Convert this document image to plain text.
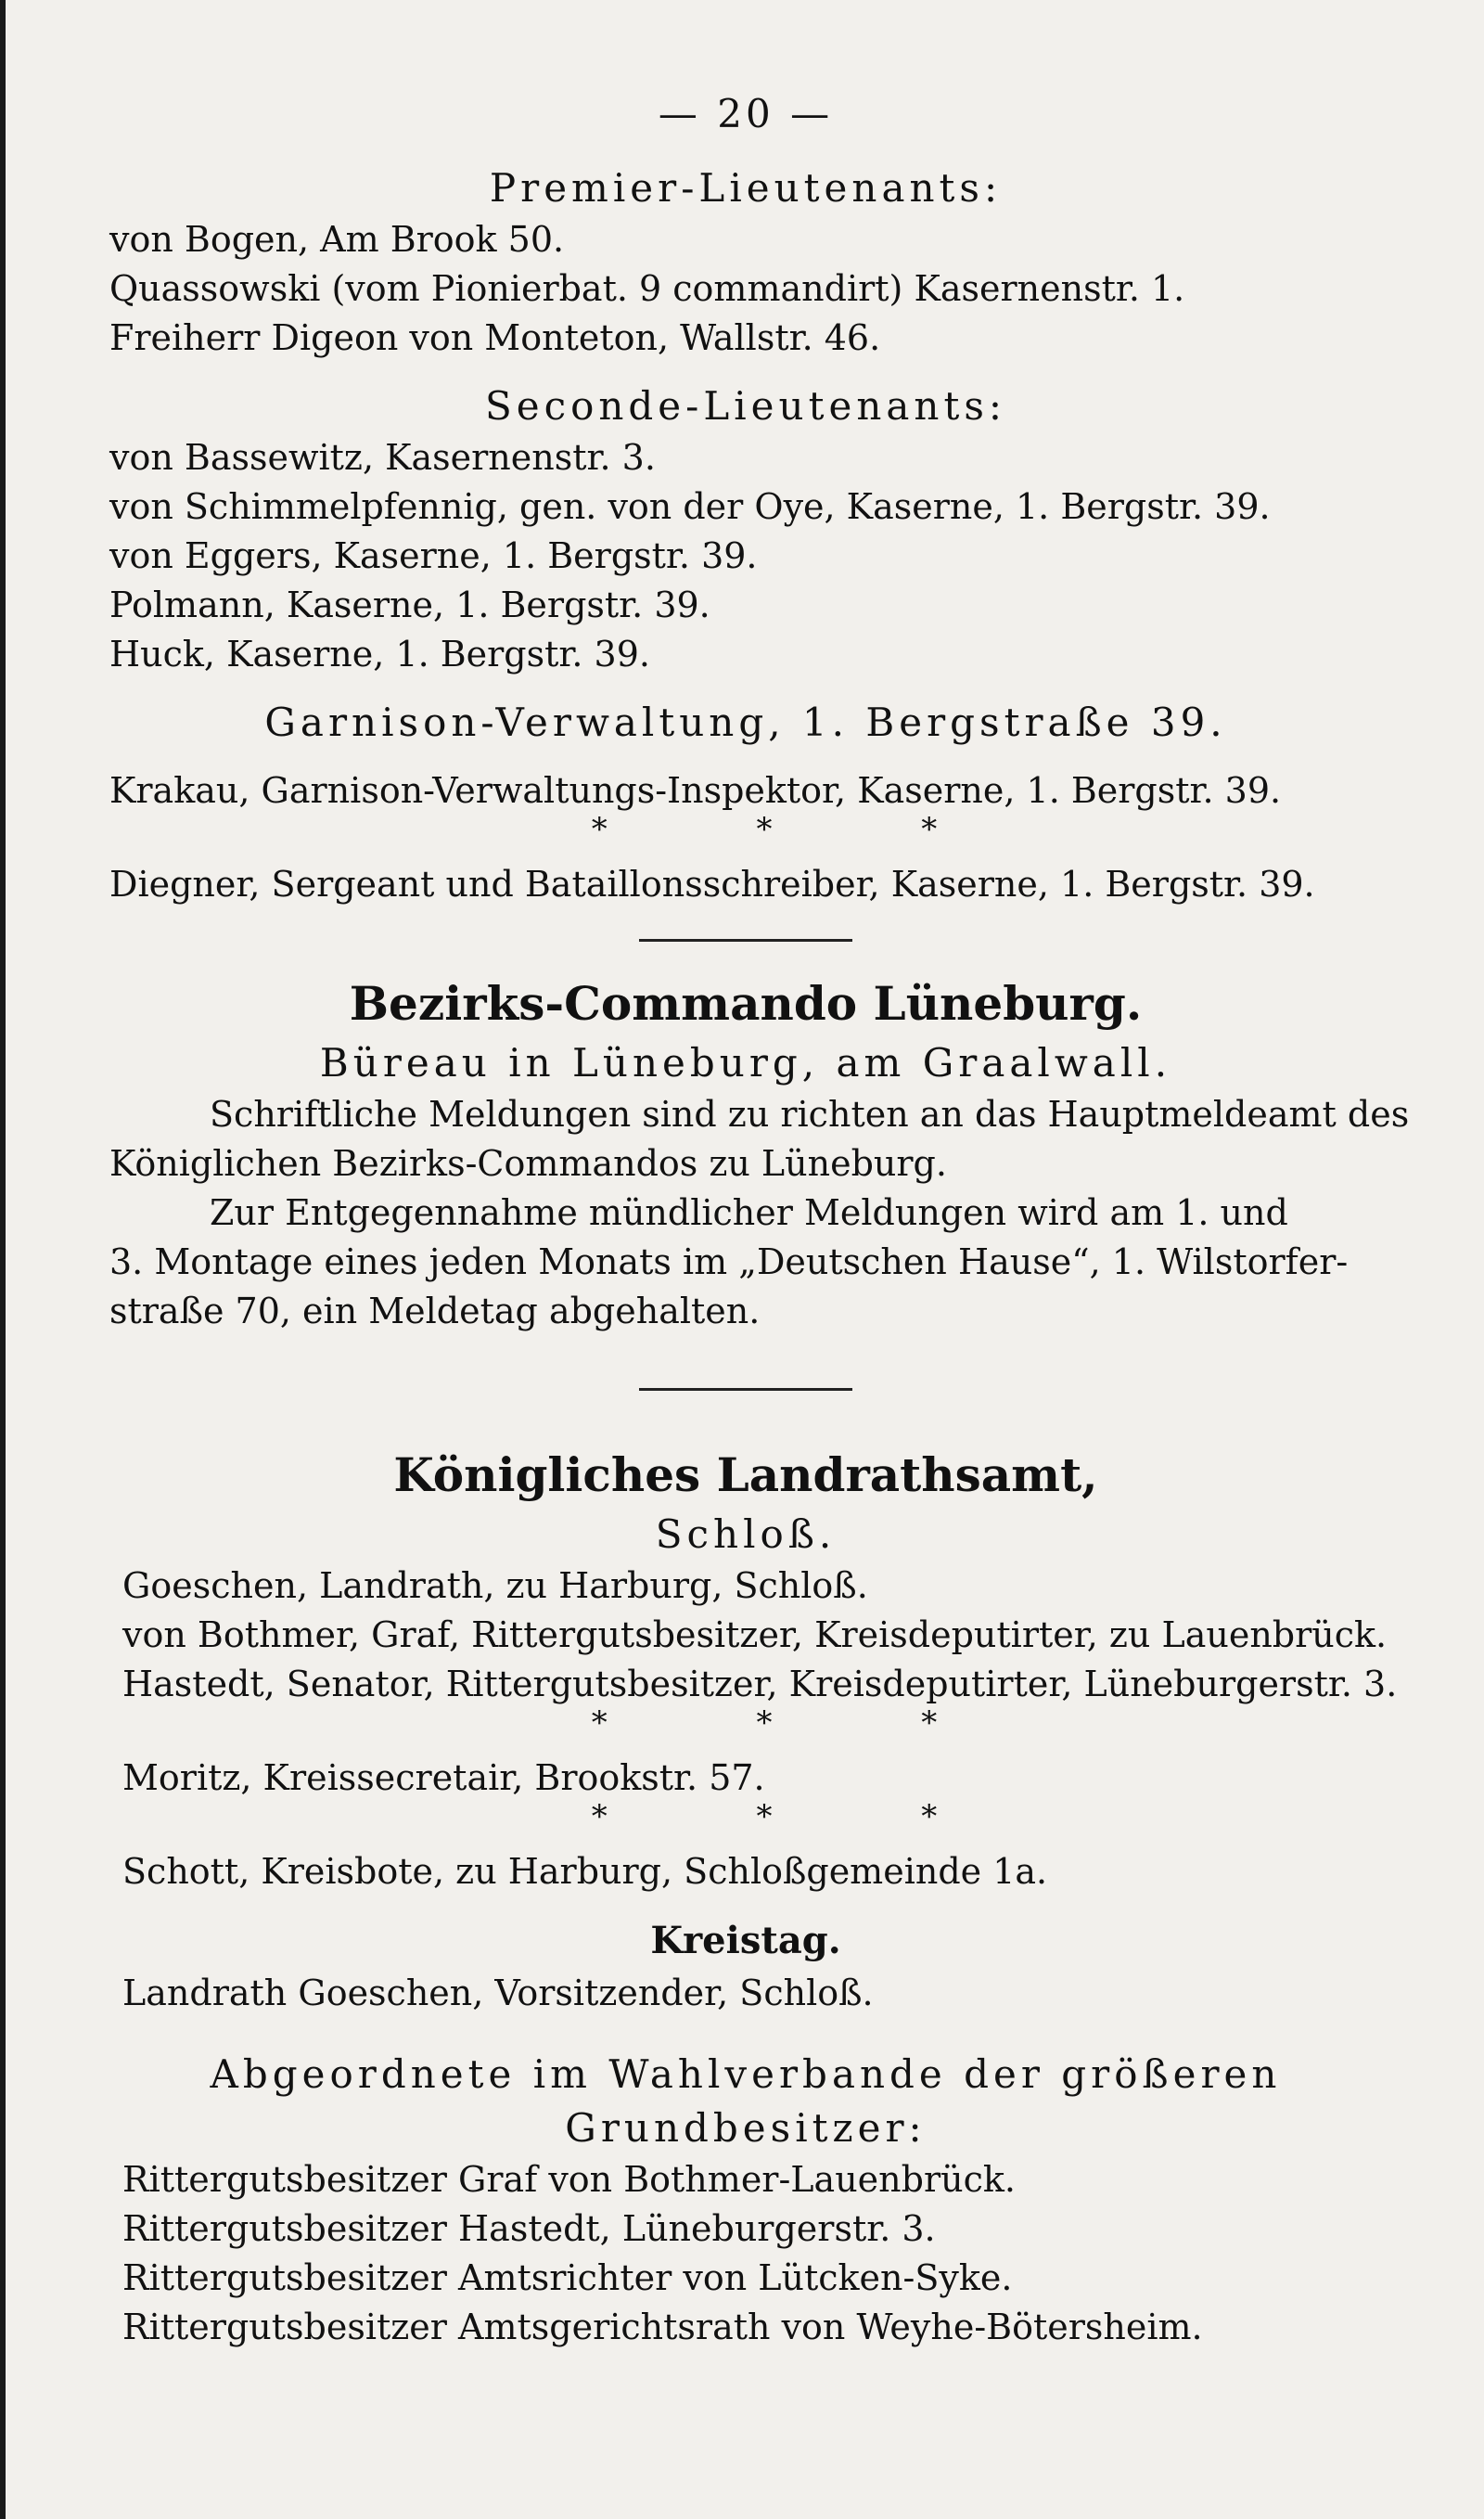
— 20 —
Premier-Lieutenants:
von Bogen, Am Brook 50.
Quassowski (vom Pionierbat. 9 commandirt) Kasernenstr. 1.
Freiherr Digeon von Monteton, Wallstr. 46.
Seconde-Lieutenants:
von Bassewitz, Kasernenstr. 3.
von Schimmelpfennig, gen. von der Oye, Kaserne, 1. Bergstr. 39.
von Eggers, Kaserne, 1. Bergstr. 39.
Polmann, Kaserne, 1. Bergstr. 39.
Huck, Kaserne, 1. Bergstr. 39.
Garnison-Verwaltung, 1. Bergstraße 39.
Krakau, Garnison-Verwaltungs-Inspektor, Kaserne, 1. Bergstr. 39.
* * *
Diegner, Sergeant und Bataillonsschreiber, Kaserne, 1. Bergstr. 39.
Bezirks-Commando Lüneburg.
Büreau in Lüneburg, am Graalwall.
Schriftliche Meldungen sind zu richten an das Hauptmeldeamt des
Königlichen Bezirks-Commandos zu Lüneburg.
Zur Entgegennahme mündlicher Meldungen wird am 1. und
3. Montage eines jeden Monats im „Deutschen Hause“, 1. Wilstorfer-
straße 70, ein Meldetag abgehalten.
Königliches Landrathsamt,
Schloß.
Goeschen, Landrath, zu Harburg, Schloß.
von Bothmer, Graf, Rittergutsbesitzer, Kreisdeputirter, zu Lauenbrück.
Hastedt, Senator, Rittergutsbesitzer, Kreisdeputirter, Lüneburgerstr. 3.
* * *
Moritz, Kreissecretair, Brookstr. 57.
* * *
Schott, Kreisbote, zu Harburg, Schloßgemeinde 1a.
Kreistag.
Landrath Goeschen, Vorsitzender, Schloß.
Abgeordnete im Wahlverbande der größeren
Grundbesitzer:
Rittergutsbesitzer Graf von Bothmer-Lauenbrück.
Rittergutsbesitzer Hastedt, Lüneburgerstr. 3.
Rittergutsbesitzer Amtsrichter von Lütcken-Syke.
Rittergutsbesitzer Amtsgerichtsrath von Weyhe-Bötersheim.
